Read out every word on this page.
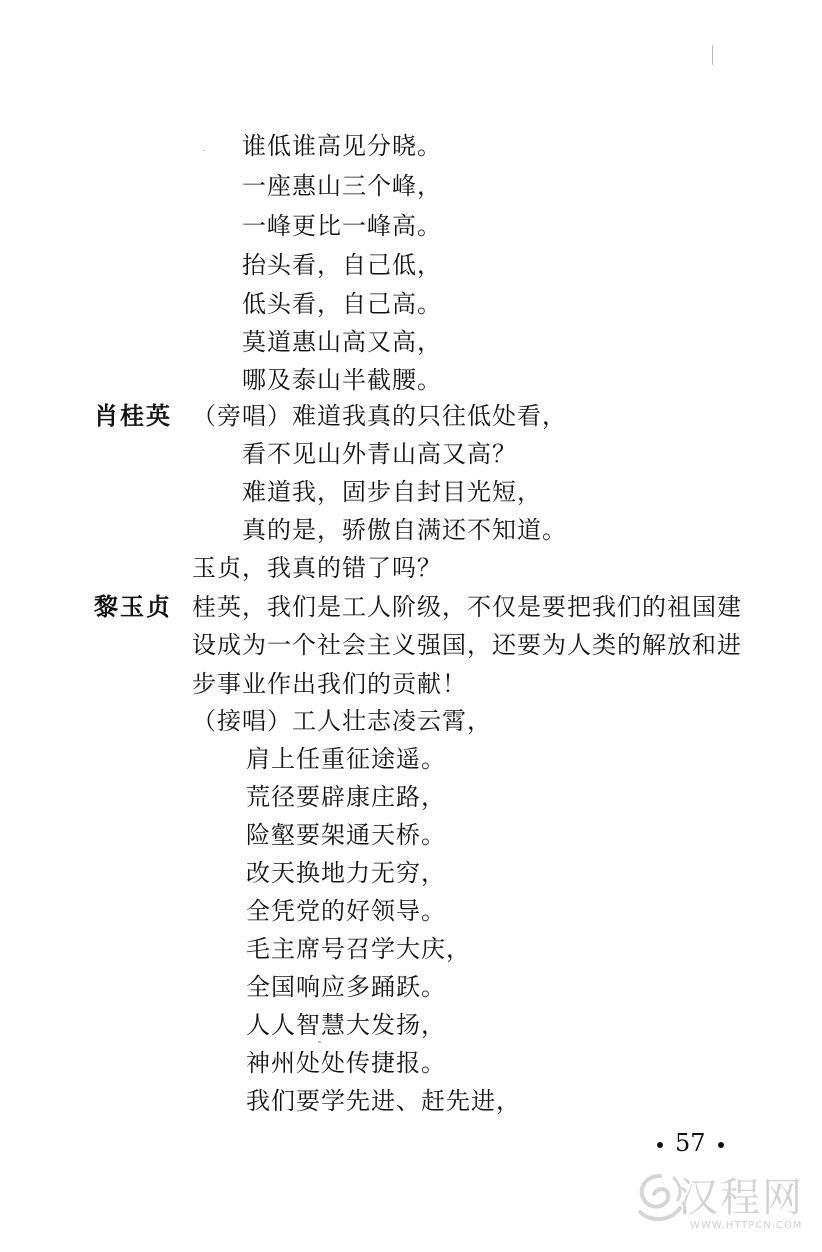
谁低谁高见分晓。
一座惠山三个峰，
一峰更比一峰高。
抬头看，自己低，
低头看，自己高。
莫道惠山高又高，
哪及泰山半截腰。
肖桂英 （旁唱）难道我真的只往低处看，
看不见山外青山高又高？
难道我，固步自封目光短，
真的是，骄傲自满还不知道。
玉贞，我真的错了吗？
黎玉贞 桂英，我们是工人阶级，不仅是要把我们的祖国建
设成为一个社会主义强国，还要为人类的解放和进
步事业作出我们的贡献！
（接唱）工人壮志凌云霄，
肩上任重征途遥。
荒径要辟康庄路，
险壑要架通天桥。
改天换地力无穷，
全凭党的好领导。
毛主席号召学大庆，
全国响应多踊跃。
人人智慧大发扬，
神州处处传捷报。
我们要学先进、赶先进，
57
汉程网
WWW.HTTPCN.COM
